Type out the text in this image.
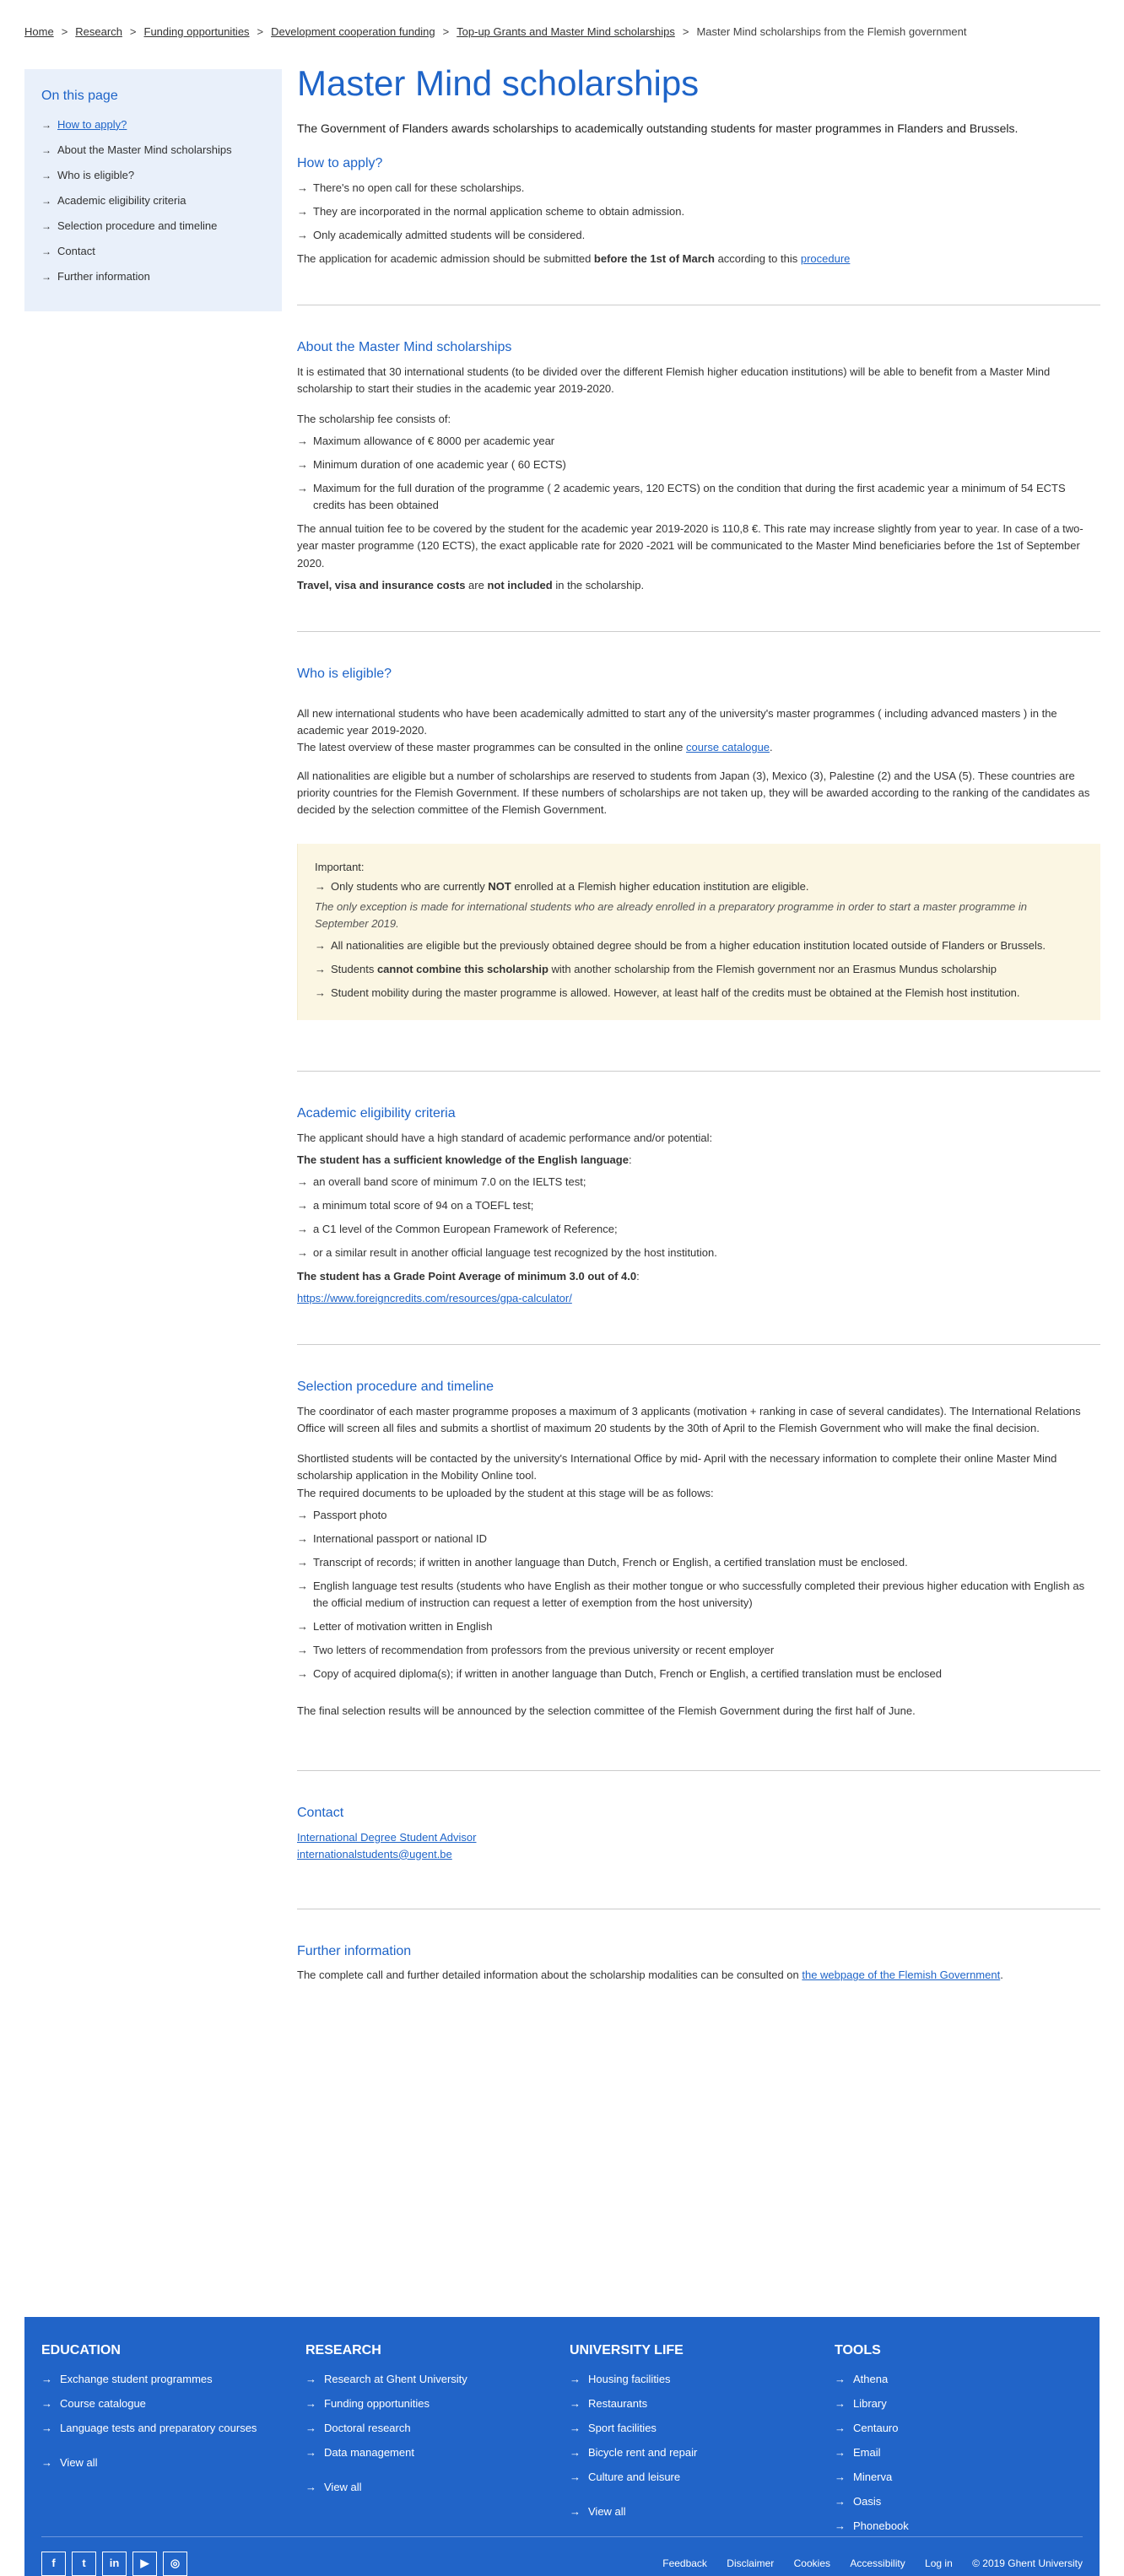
Home > Research > Funding opportunities > Development cooperation funding > Top-up Grants and Master Mind scholarships > Master Mind scholarships from the Flemish government
On this page
→ How to apply?
→ About the Master Mind scholarships
→ Who is eligible?
→ Academic eligibility criteria
→ Selection procedure and timeline
→ Contact
→ Further information
Master Mind scholarships

The Government of Flanders awards scholarships to academically outstanding students for master programmes in Flanders and Brussels.

How to apply?
→ There's no open call for these scholarships.
→ They are incorporated in the normal application scheme to obtain admission.
→ Only academically admitted students will be considered.

The application for academic admission should be submitted before the 1st of March according to this procedure

About the Master Mind scholarships

It is estimated that 30 international students (to be divided over the different Flemish higher education institutions) will be able to benefit from a Master Mind scholarship to start their studies in the academic year 2019-2020.

The scholarship fee consists of:

→ Maximum allowance of € 8000 per academic year
→ Minimum duration of one academic year ( 60 ECTS)
→ Maximum for the full duration of the programme ( 2 academic years, 120 ECTS) on the condition that during the first academic year a minimum of 54 ECTS credits has been obtained

The annual tuition fee to be covered by the student for the academic year 2019-2020 is 110,8 €. This rate may increase slightly from year to year. In case of a two-year master programme (120 ECTS), the exact applicable rate for 2020 -2021 will be communicated to the Master Mind beneficiaries before the 1st of September 2020.

Travel, visa and insurance costs are not included in the scholarship.

Who is eligible?

All new international students who have been academically admitted to start any of the university's master programmes ( including advanced masters ) in the academic year 2019-2020.

The latest overview of these master programmes can be consulted in the online course catalogue.

All nationalities are eligible but a number of scholarships are reserved to students from Japan (3), Mexico (3), Palestine (2) and the USA (5). These countries are priority countries for the Flemish Government. If these numbers of scholarships are not taken up, they will be awarded according to the ranking of the candidates as decided by the selection committee of the Flemish Government.

Important:

→ Only students who are currently NOT enrolled at a Flemish higher education institution are eligible.

The only exception is made for international students who are already enrolled in a preparatory programme in order to start a master programme in September 2019.

→ All nationalities are eligible but the previously obtained degree should be from a higher education institution located outside of Flanders or Brussels.
→ Students cannot combine this scholarship with another scholarship from the Flemish government nor an Erasmus Mundus scholarship
→ Student mobility during the master programme is allowed. However, at least half of the credits must be obtained at the Flemish host institution.
Academic eligibility criteria

The applicant should have a high standard of academic performance and/or potential:

The student has a sufficient knowledge of the English language:

→ an overall band score of minimum 7.0 on the IELTS test;
→ a minimum total score of 94 on a TOEFL test;
→ a C1 level of the Common European Framework of Reference;
→ or a similar result in another official language test recognized by the host institution.

The student has a Grade Point Average of minimum 3.0 out of 4.0:

https://www.foreigncredits.com/resources/gpa-calculator/

Selection procedure and timeline

The coordinator of each master programme proposes a maximum of 3 applicants (motivation + ranking in case of several candidates). The International Relations Office will screen all files and submits a shortlist of maximum 20 students by the 30th of April to the Flemish Government who will make the final decision.

Shortlisted students will be contacted by the university's International Office by mid- April with the necessary information to complete their online Master Mind scholarship application in the Mobility Online tool.

The required documents to be uploaded by the student at this stage will be as follows:

→ Passport photo
→ International passport or national ID
→ Transcript of records; if written in another language than Dutch, French or English, a certified translation must be enclosed.
→ English language test results (students who have English as their mother tongue or who successfully completed their previous higher education with English as the official medium of instruction can request a letter of exemption from the host university)
→ Letter of motivation written in English
→ Two letters of recommendation from professors from the previous university or recent employer
→ Copy of acquired diploma(s); if written in another language than Dutch, French or English, a certified translation must be enclosed

The final selection results will be announced by the selection committee of the Flemish Government during the first half of June.

Contact

International Degree Student Advisor

internationalstudents@ugent.be

Further information

The complete call and further detailed information about the scholarship modalities can be consulted on the webpage of the Flemish Government.

EDUCATION
→ Exchange student programmes
→ Course catalogue
→ Language tests and preparatory courses
→ View all
RESEARCH
→ Research at Ghent University
→ Funding opportunities
→ Doctoral research
→ Data management
→ View all
UNIVERSITY LIFE
→ Housing facilities
→ Restaurants
→ Sport facilities
→ Bicycle rent and repair
→ Culture and leisure
→ View all
TOOLS
→ Athena
→ Library
→ Centauro
→ Email
→ Minerva
→ Oasis
→ Phonebook
f	t	in	▶	◎	Feedback Disclaimer Cookies Accessibility Log in © 2019 Ghent University
